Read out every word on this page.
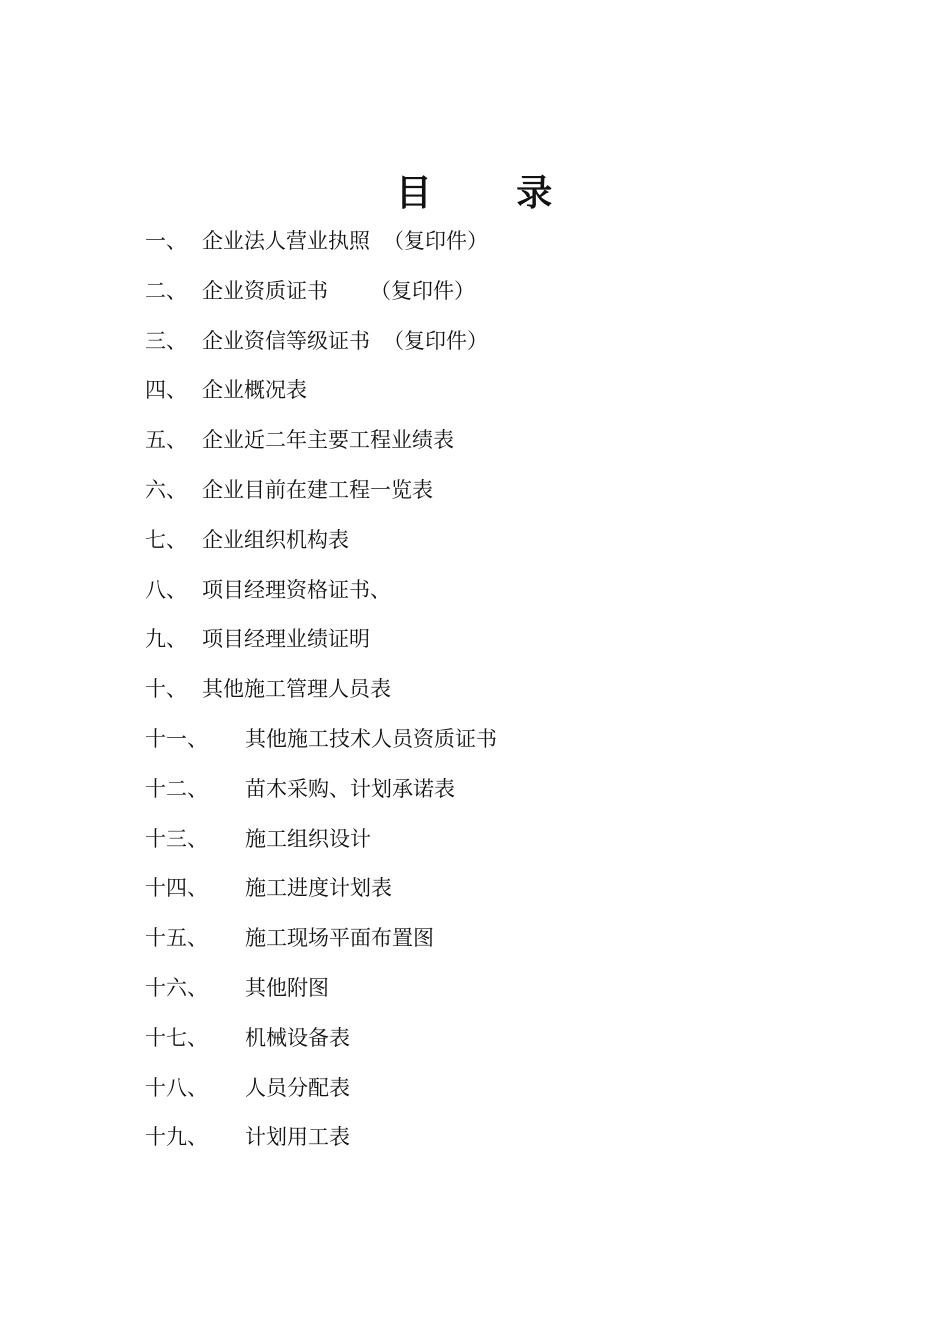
目 录
一、 企业法人营业执照 （复印件）
二、 企业资质证书 （复印件）
三、 企业资信等级证书 （复印件）
四、 企业概况表
五、 企业近二年主要工程业绩表
六、 企业目前在建工程一览表
七、 企业组织机构表
八、 项目经理资格证书、
九、 项目经理业绩证明
十、 其他施工管理人员表
十一、	其他施工技术人员资质证书
十二、	苗木采购、计划承诺表
十三、	施工组织设计
十四、	施工进度计划表
十五、	施工现场平面布置图
十六、	其他附图
十七、	机械设备表
十八、	人员分配表
十九、	计划用工表
